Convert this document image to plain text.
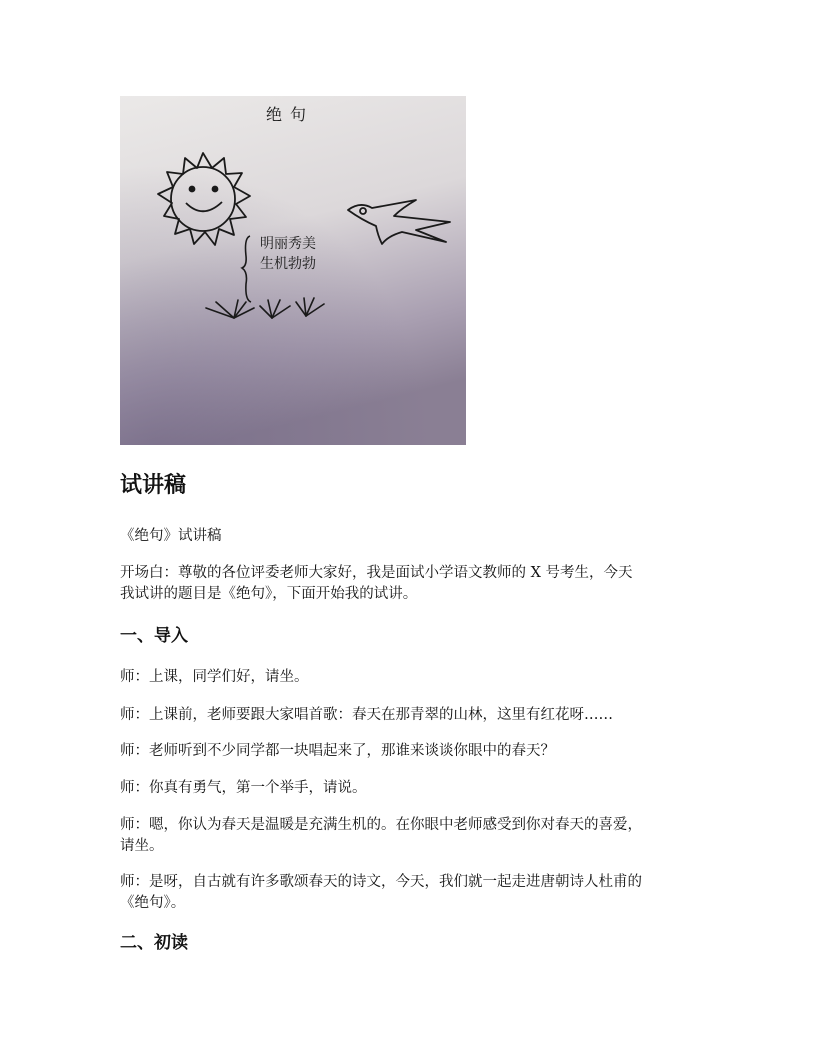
绝句
明丽秀美
生机勃勃
试讲稿

《绝句》试讲稿

开场白：尊敬的各位评委老师大家好，我是面试小学语文教师的 X 号考生，今天
我试讲的题目是《绝句》，下面开始我的试讲。

一、导入

师：上课，同学们好，请坐。

师：上课前，老师要跟大家唱首歌：春天在那青翠的山林，这里有红花呀……

师：老师听到不少同学都一块唱起来了，那谁来谈谈你眼中的春天？

师：你真有勇气，第一个举手，请说。

师：嗯，你认为春天是温暖是充满生机的。在你眼中老师感受到你对春天的喜爱，
请坐。

师：是呀，自古就有许多歌颂春天的诗文，今天，我们就一起走进唐朝诗人杜甫的
《绝句》。

二、初读
